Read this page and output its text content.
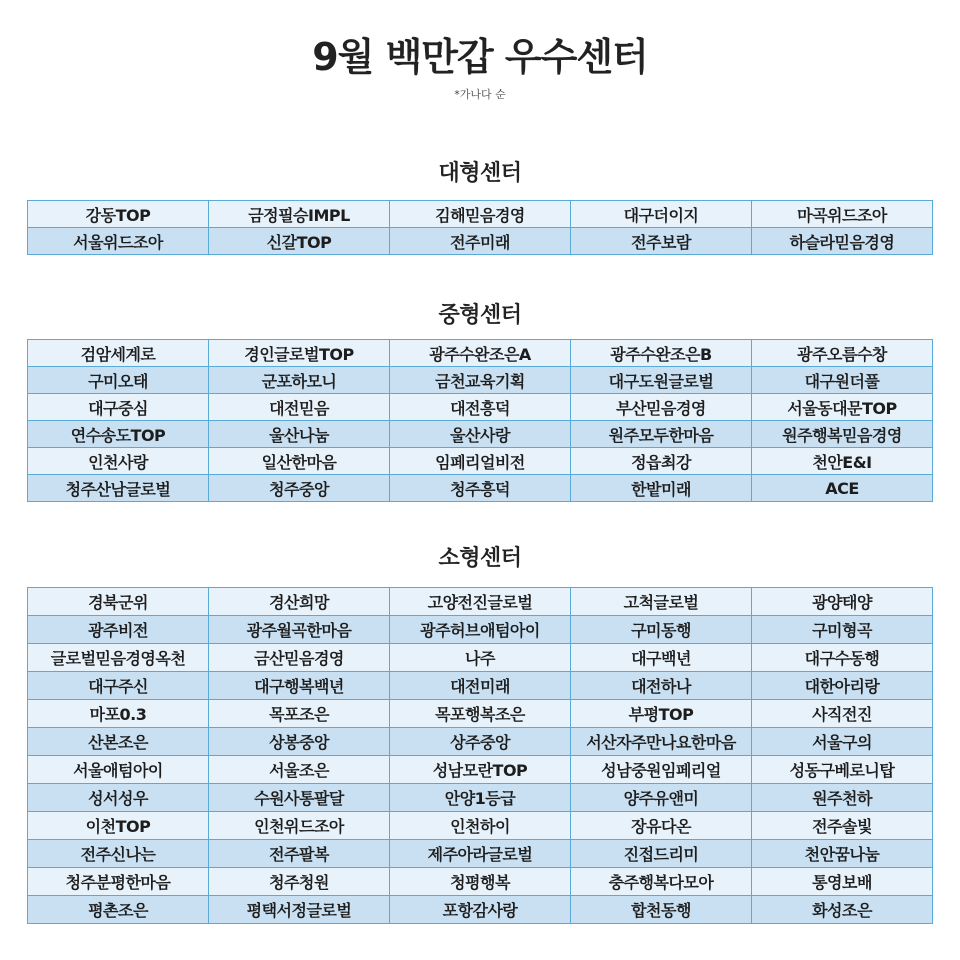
9월 백만갑 우수센터
*가나다 순
대형센터
강동TOP	금정필승IMPL	김해믿음경영	대구더이지	마곡위드조아
서울위드조아	신갈TOP	전주미래	전주보람	하슬라믿음경영
중형센터
검암세계로	경인글로벌TOP	광주수완조은A	광주수완조은B	광주오름수창
구미오태	군포하모니	금천교육기획	대구도원글로벌	대구원더풀
대구중심	대전믿음	대전흥덕	부산믿음경영	서울동대문TOP
연수송도TOP	울산나눔	울산사랑	원주모두한마음	원주행복믿음경영
인천사랑	일산한마음	임페리얼비전	정읍최강	천안E&I
청주산남글로벌	청주중앙	청주흥덕	한밭미래	ACE
소형센터
경북군위	경산희망	고양전진글로벌	고척글로벌	광양태양
광주비전	광주월곡한마음	광주허브애텀아이	구미동행	구미형곡
글로벌믿음경영옥천	금산믿음경영	나주	대구백년	대구수동행
대구주신	대구행복백년	대전미래	대전하나	대한아리랑
마포0.3	목포조은	목포행복조은	부평TOP	사직전진
산본조은	상봉중앙	상주중앙	서산자주만나요한마음	서울구의
서울애텀아이	서울조은	성남모란TOP	성남중원임페리얼	성동구베로니탑
성서성우	수원사통팔달	안양1등급	양주유앤미	원주천하
이천TOP	인천위드조아	인천하이	장유다온	전주솔빛
전주신나는	전주팔복	제주아라글로벌	진접드리미	천안꿈나눔
청주분평한마음	청주청원	청평행복	충주행복다모아	통영보배
평촌조은	평택서정글로벌	포항감사랑	합천동행	화성조은
